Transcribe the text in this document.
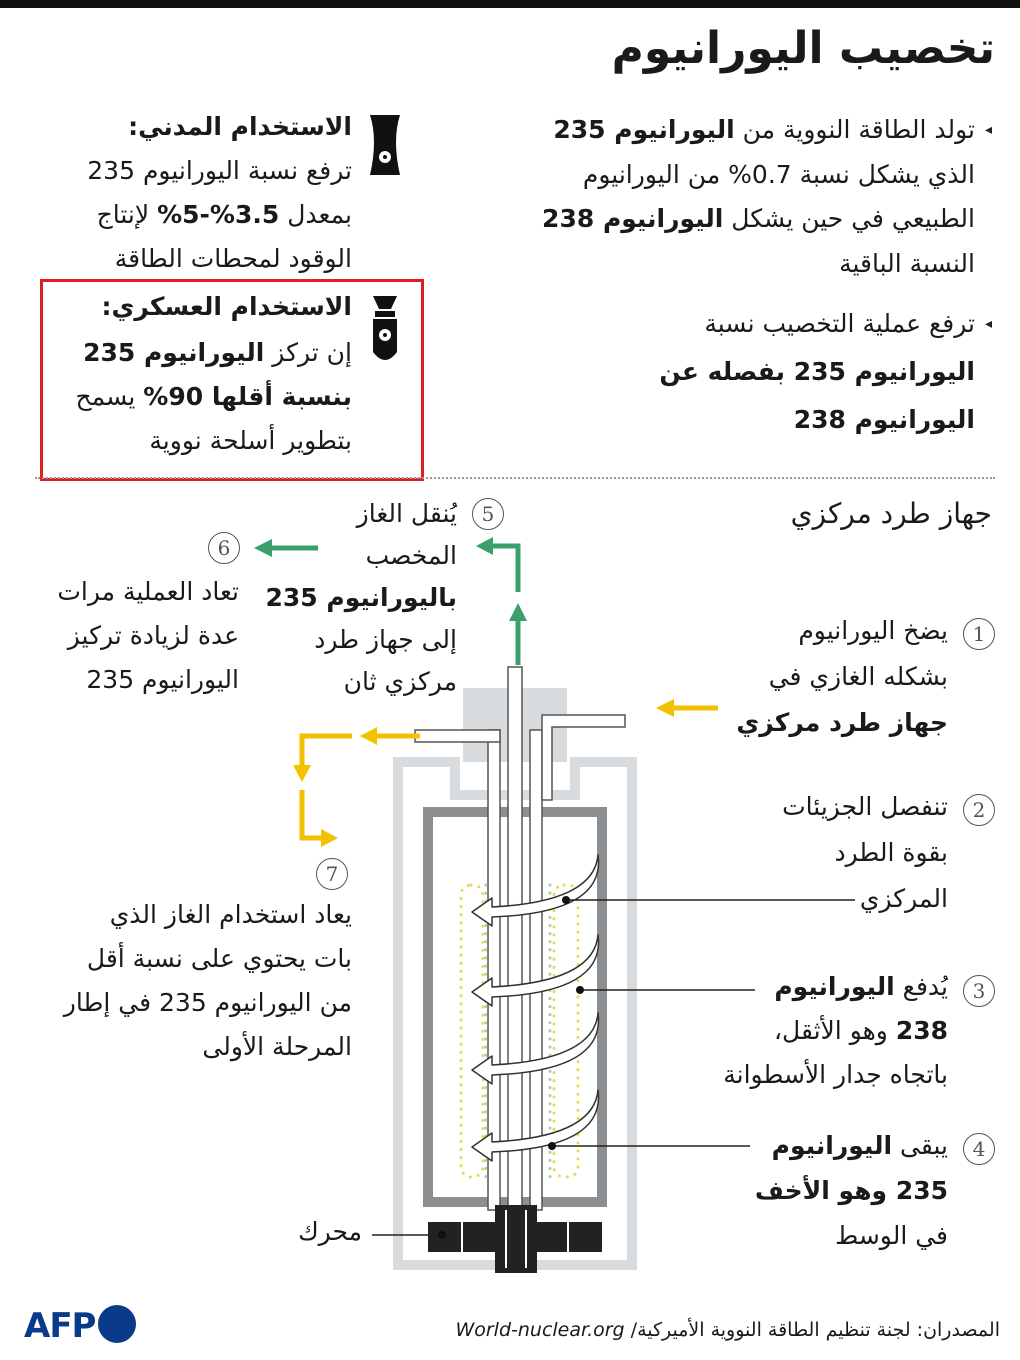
تخصيب اليورانيوم
◂
تولد الطاقة النووية من اليورانيوم 235
الذي يشكل نسبة 0.7% من اليورانيوم
الطبيعي في حين يشكل اليورانيوم 238
النسبة الباقية
◂
ترفع عملية التخصيب نسبة
اليورانيوم 235 بفصله عن
اليورانيوم 238
الاستخدام المدني:
ترفع نسبة اليورانيوم 235
بمعدل 3.5%-5% لإنتاج
الوقود لمحطات الطاقة
الاستخدام العسكري:
إن تركز اليورانيوم 235
بنسبة أقلها 90% يسمح
بتطوير أسلحة نووية
جهاز طرد مركزي
1
يضخ اليورانيوم
بشكله الغازي في
جهاز طرد مركزي
2
تنفصل الجزيئات
بقوة الطرد
المركزي
3
يُدفع اليورانيوم
238 وهو الأثقل،
باتجاه جدار الأسطوانة
4
يبقى اليورانيوم
235 وهو الأخف
في الوسط
5
يُنقل الغاز
المخصب
باليورانيوم 235
إلى جهاز طرد
مركزي ثان
6
تعاد العملية مرات
عدة لزيادة تركيز
اليورانيوم 235
7
يعاد استخدام الغاز الذي
بات يحتوي على نسبة أقل
من اليورانيوم 235 في إطار
المرحلة الأولى
محرك
المصدران: لجنة تنظيم الطاقة النووية الأميركية/ World-nuclear.org
AFP
